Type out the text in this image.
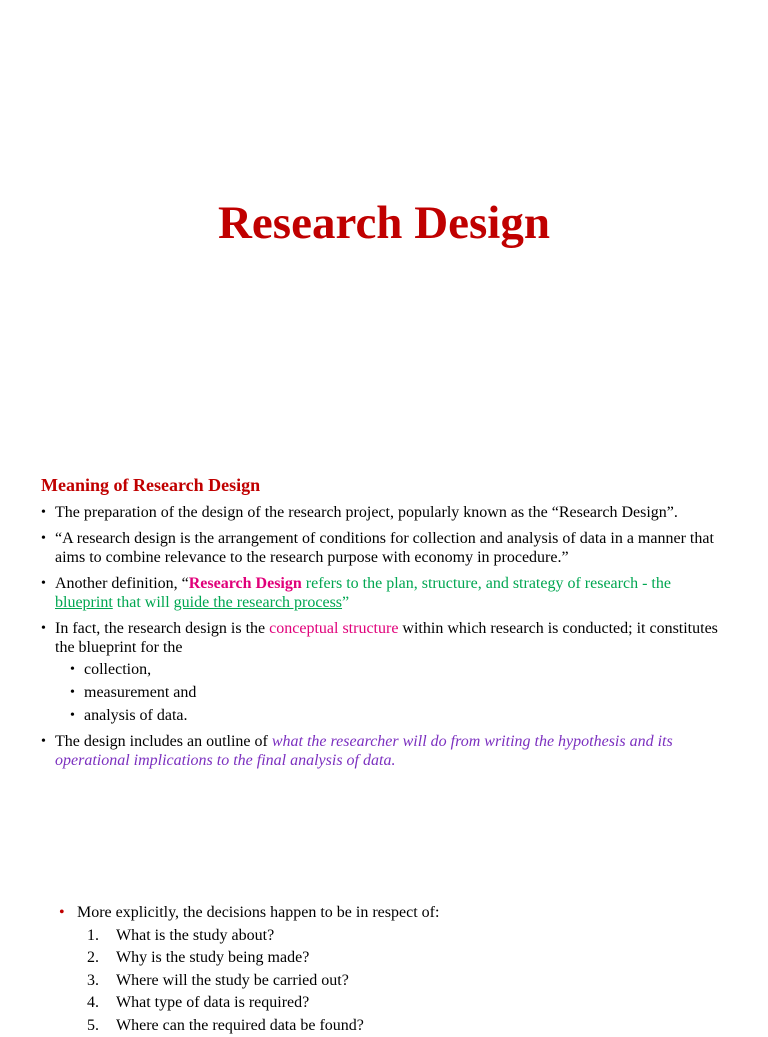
Research Design
Meaning of Research Design
• The preparation of the design of the research project, popularly known as the “Research Design”.
• “A research design is the arrangement of conditions for collection and analysis of data in a manner that aims to combine relevance to the research purpose with economy in procedure.”
• Another definition, “Research Design refers to the plan, structure, and strategy of research - the blueprint that will guide the research process”
• In fact, the research design is the conceptual structure within which research is conducted; it constitutes the blueprint for the
• collection,
• measurement and
• analysis of data.
• The design includes an outline of what the researcher will do from writing the hypothesis and its operational implications to the final analysis of data.
• More explicitly, the decisions happen to be in respect of:
1. What is the study about?
2. Why is the study being made?
3. Where will the study be carried out?
4. What type of data is required?
5. Where can the required data be found?
